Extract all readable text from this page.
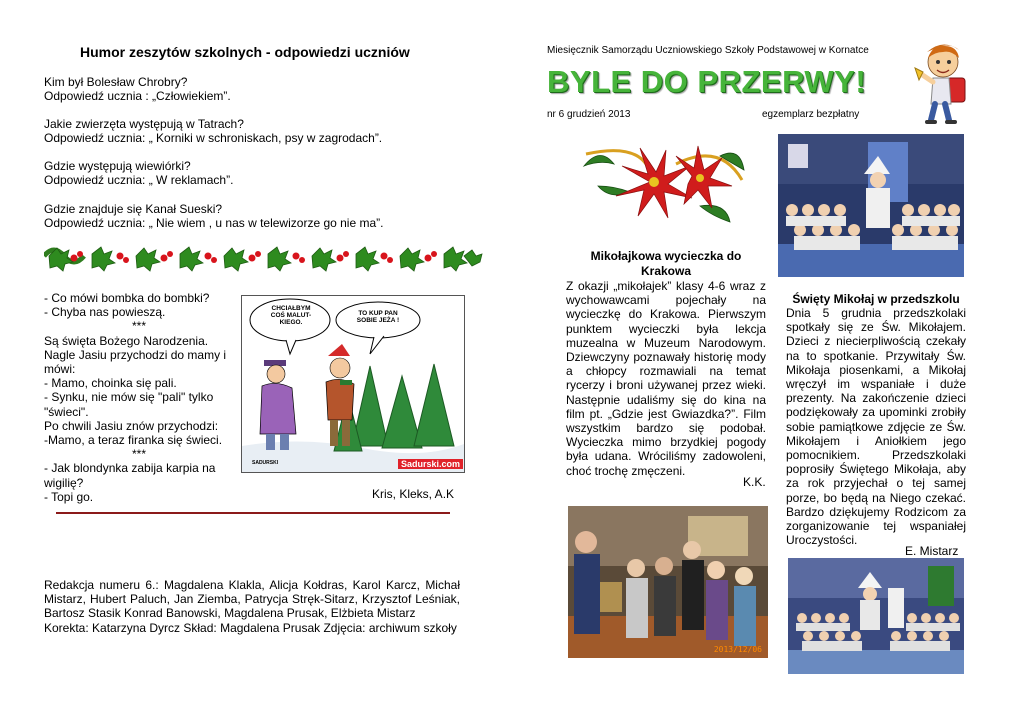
Humor zeszytów szkolnych - odpowiedzi uczniów
Kim był Bolesław Chrobry?
Odpowiedź ucznia : „Człowiekiem”.
Jakie zwierzęta występują w Tatrach?
Odpowiedź ucznia: „ Korniki w schroniskach, psy w zagrodach”.
Gdzie występują wiewiórki?
Odpowiedź ucznia: „ W reklamach”.
Gdzie znajduje się Kanał Sueski?
Odpowiedź ucznia: „ Nie wiem , u nas w telewizorze go nie ma”.
- Co mówi bombka do bombki?
- Chyba nas powieszą.
***
Są święta Bożego Narodzenia.
Nagle Jasiu przychodzi do mamy i mówi:
- Mamo, choinka się pali.
- Synku, nie mów się "pali" tylko "świeci".
Po chwili Jasiu znów przychodzi:
-Mamo, a teraz firanka się świeci.
***
- Jak blondynka zabija karpia na wigilię?
- Topi go.	Kris, Kleks, A.K
CHCIAŁBYM
COŚ MALUT-
KIEGO.
TO KUP PAN
SOBIE JEŻA !
SADURSKI	Sadurski.com
Redakcja numeru 6.: Magdalena Klakla, Alicja Kołdras, Karol Karcz, Michał Mistarz, Hubert Paluch, Jan Ziemba, Patrycja Stręk-Sitarz, Krzysztof Leśniak, Bartosz Stasik Konrad Banowski, Magdalena Prusak, Elżbieta Mistarz
Korekta: Katarzyna Dyrcz Skład: Magdalena Prusak Zdjęcia: archiwum szkoły
Miesięcznik Samorządu Uczniowskiego Szkoły Podstawowej w Kornatce
BYLE DO PRZERWY!
nr 6 grudzień 2013	egzemplarz bezpłatny
Mikołajkowa wycieczka do Krakowa
Z okazji „mikołajek” klasy 4-6 wraz z wychowawcami pojechały na wycieczkę do Krakowa. Pierwszym punktem wycieczki była lekcja muzealna w Muzeum Narodowym. Dziewczyny poznawały historię mody a chłopcy rozmawiali na temat rycerzy i broni używanej przez wieki. Następnie udaliśmy się do kina na film pt. „Gdzie jest Gwiazdka?”. Film wszystkim bardzo się podobał. Wycieczka mimo brzydkiej pogody była udana. Wróciliśmy zadowoleni, choć trochę zmęczeni.
K.K.
2013/12/06
Święty Mikołaj w przedszkolu
Dnia 5 grudnia przedszkolaki spotkały się ze Św. Mikołajem. Dzieci z niecierpliwością czekały na to spotkanie. Przywitały Św. Mikołaja piosenkami, a Mikołaj wręczył im wspaniałe i duże prezenty. Na zakończenie dzieci podziękowały za upominki zrobiły sobie pamiątkowe zdjęcie ze Św. Mikołajem i Aniołkiem jego pomocnikiem. Przedszkolaki poprosiły Świętego Mikołaja, aby za rok przyjechał o tej samej porze, bo będą na Niego czekać. Bardzo dziękujemy Rodzicom za zorganizowanie tej wspaniałej Uroczystości.
E. Mistarz
